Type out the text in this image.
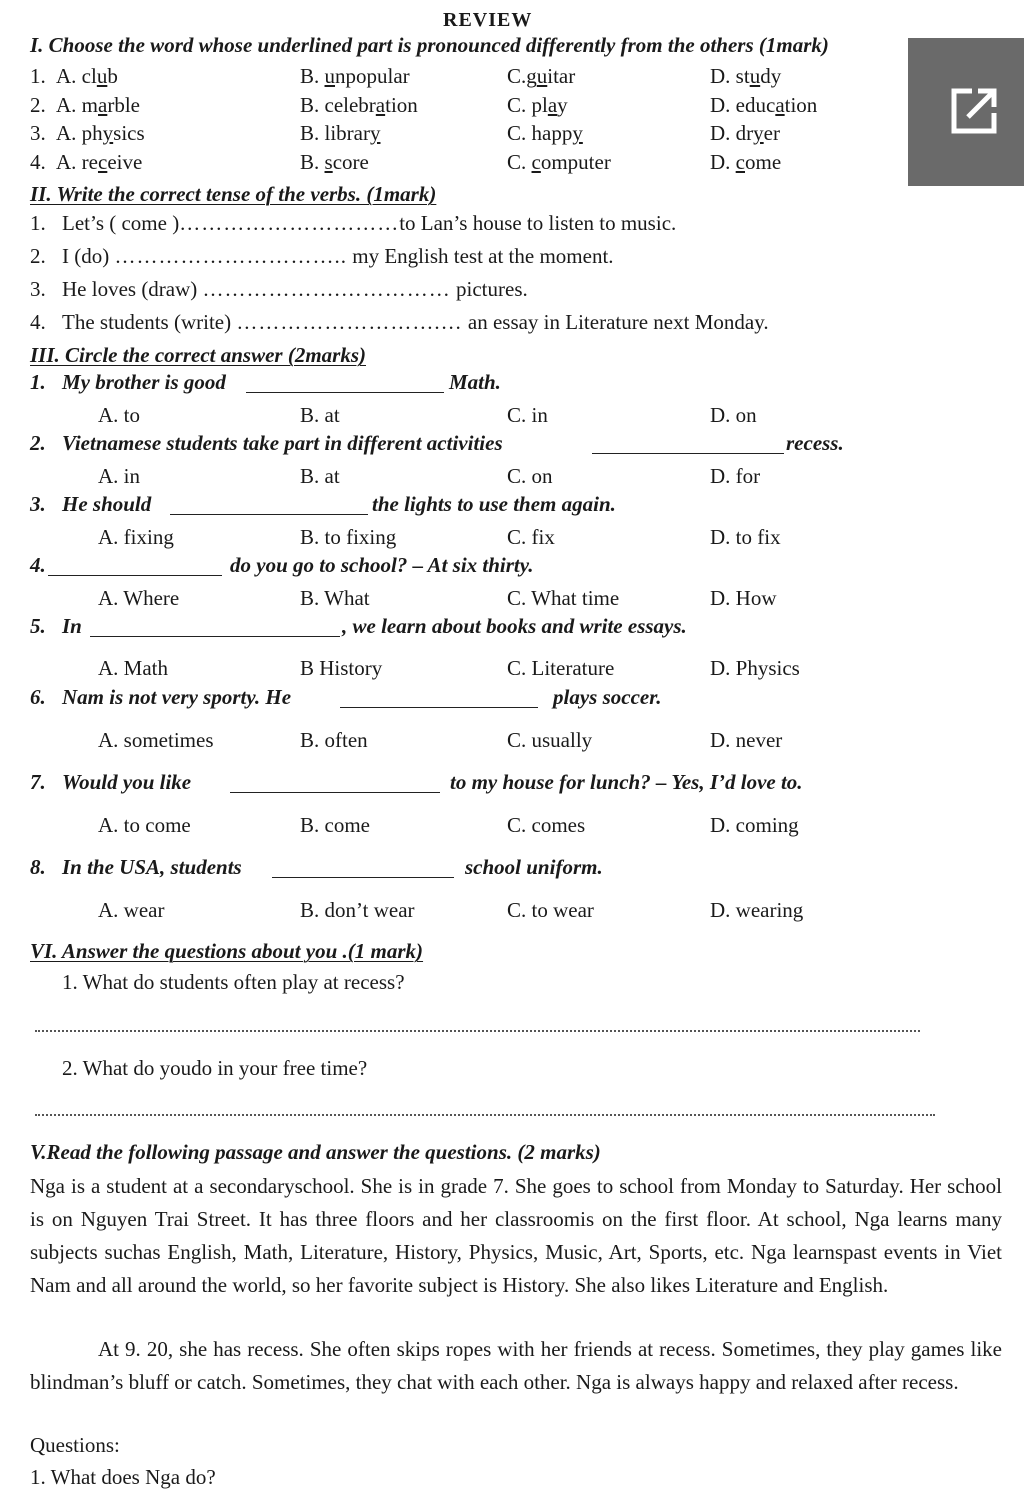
REVIEW
I. Choose the word whose underlined part is pronounced differently from the others (1mark)
1. A. club	B. unpopular	C.guitar	D. study
2. A. marble	B. celebration	C. play	D. education
3. A. physics	B. library	C. happy	D. dryer
4. A. receive	B. score	C. computer	D. come
II. Write the correct tense of the verbs. (1mark)
1. Let’s ( come )…………………………to Lan’s house to listen to music.
2. I (do) ………………………….. my English test at the moment.
3. He loves (draw) ……………….…………… pictures.
4. The students (write) ……………………….… an essay in Literature next Monday.
III. Circle the correct answer (2marks)
1. My brother is good	Math.
A. to	B. at	C. in	D. on
2. Vietnamese students take part in different activities	recess.
A. in	B. at	C. on	D. for
3. He should	the lights to use them again.
A. fixing	B. to fixing	C. fix	D. to fix
4.	do you go to school? – At six thirty.
A. Where	B. What	C. What time	D. How
5. In	, we learn about books and write essays.
A. Math	B History	C. Literature	D. Physics
6. Nam is not very sporty. He	plays soccer.
A. sometimes	B. often	C. usually	D. never
7. Would you like	to my house for lunch? – Yes, I’d love to.
A. to come	B. come	C. comes	D. coming
8. In the USA, students	school uniform.
A. wear	B. don’t wear	C. to wear	D. wearing
VI. Answer the questions about you .(1 mark)
1. What do students often play at recess?
2. What do youdo in your free time?
V.Read the following passage and answer the questions. (2 marks)
Nga is a student at a secondaryschool. She is in grade 7. She goes to school from Monday to Saturday. Her school is on Nguyen Trai Street. It has three floors and her classroomis on the first floor. At school, Nga learns many subjects suchas English, Math, Literature, History, Physics, Music, Art, Sports, etc. Nga learnspast events in Viet Nam and all around the world, so her favorite subject is History. She also likes Literature and English.
At 9. 20, she has recess. She often skips ropes with her friends at recess. Sometimes, they play games like blindman’s bluff or catch. Sometimes, they chat with each other. Nga is always happy and relaxed after recess.
Questions:
1. What does Nga do?
